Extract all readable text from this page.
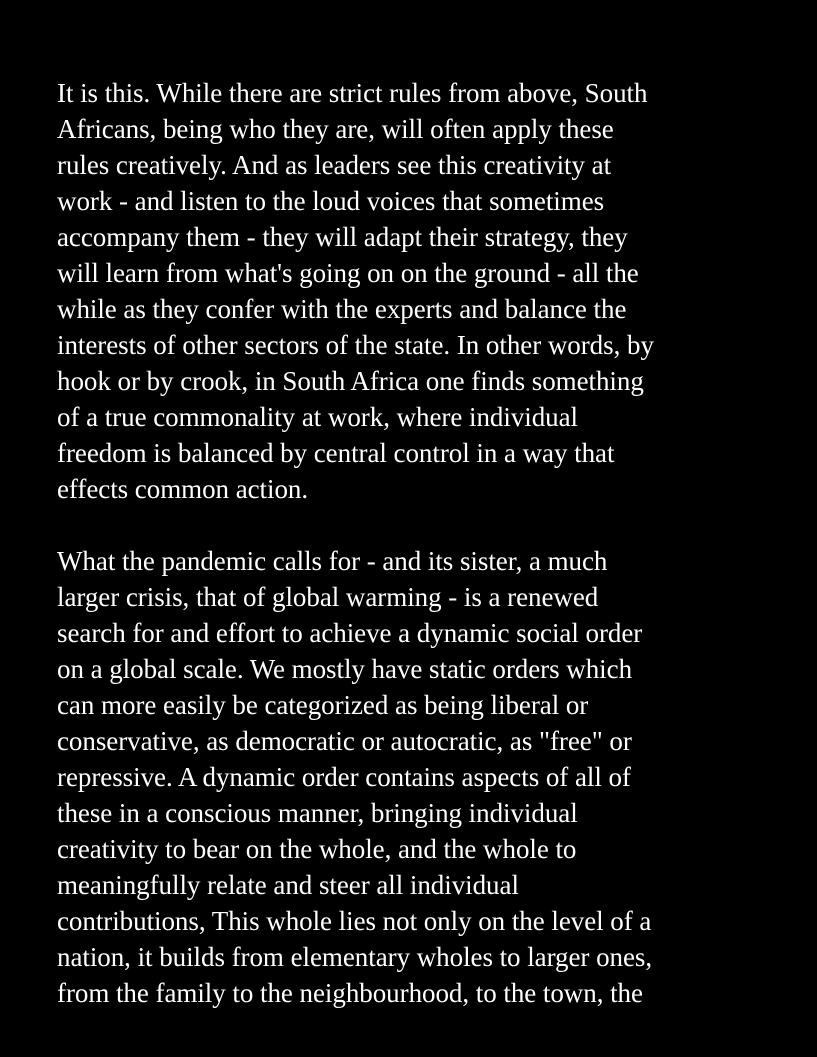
It is this. While there are strict rules from above, South
Africans, being who they are, will often apply these
rules creatively. And as leaders see this creativity at
work - and listen to the loud voices that sometimes
accompany them - they will adapt their strategy, they
will learn from what's going on on the ground - all the
while as they confer with the experts and balance the
interests of other sectors of the state. In other words, by
hook or by crook, in South Africa one finds something
of a true commonality at work, where individual
freedom is balanced by central control in a way that
effects common action.
What the pandemic calls for - and its sister, a much
larger crisis, that of global warming - is a renewed
search for and effort to achieve a dynamic social order
on a global scale. We mostly have static orders which
can more easily be categorized as being liberal or
conservative, as democratic or autocratic, as "free" or
repressive. A dynamic order contains aspects of all of
these in a conscious manner, bringing individual
creativity to bear on the whole, and the whole to
meaningfully relate and steer all individual
contributions, This whole lies not only on the level of a
nation, it builds from elementary wholes to larger ones,
from the family to the neighbourhood, to the town, the
